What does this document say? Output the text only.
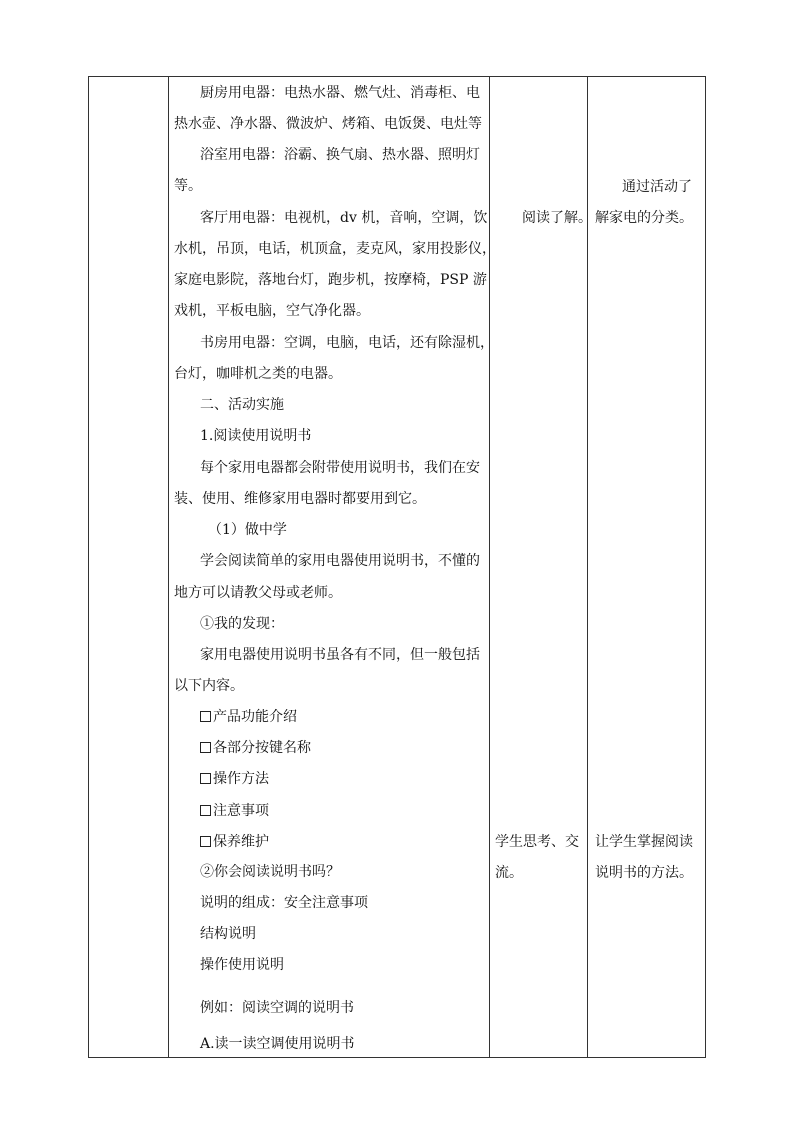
厨房用电器：电热水器、燃气灶、消毒柜、电
热水壶、净水器、微波炉、烤箱、电饭煲、电灶等
浴室用电器：浴霸、换气扇、热水器、照明灯
等。
客厅用电器：电视机，dv 机，音响，空调，饮
水机，吊顶，电话，机顶盒，麦克风，家用投影仪，
家庭电影院，落地台灯，跑步机，按摩椅，PSP 游
戏机，平板电脑，空气净化器。
书房用电器：空调，电脑，电话，还有除湿机，
台灯，咖啡机之类的电器。
二、活动实施
1.阅读使用说明书
每个家用电器都会附带使用说明书，我们在安
装、使用、维修家用电器时都要用到它。
（1）做中学
学会阅读简单的家用电器使用说明书，不懂的
地方可以请教父母或老师。
①我的发现：
家用电器使用说明书虽各有不同，但一般包括
以下内容。
产品功能介绍
各部分按键名称
操作方法
注意事项
保养维护
②你会阅读说明书吗？
说明的组成：安全注意事项
结构说明
操作使用说明
例如：阅读空调的说明书
A.读一读空调使用说明书
阅读了解。
学生思考、交
流。
通过活动了
解家电的分类。
让学生掌握阅读
说明书的方法。
